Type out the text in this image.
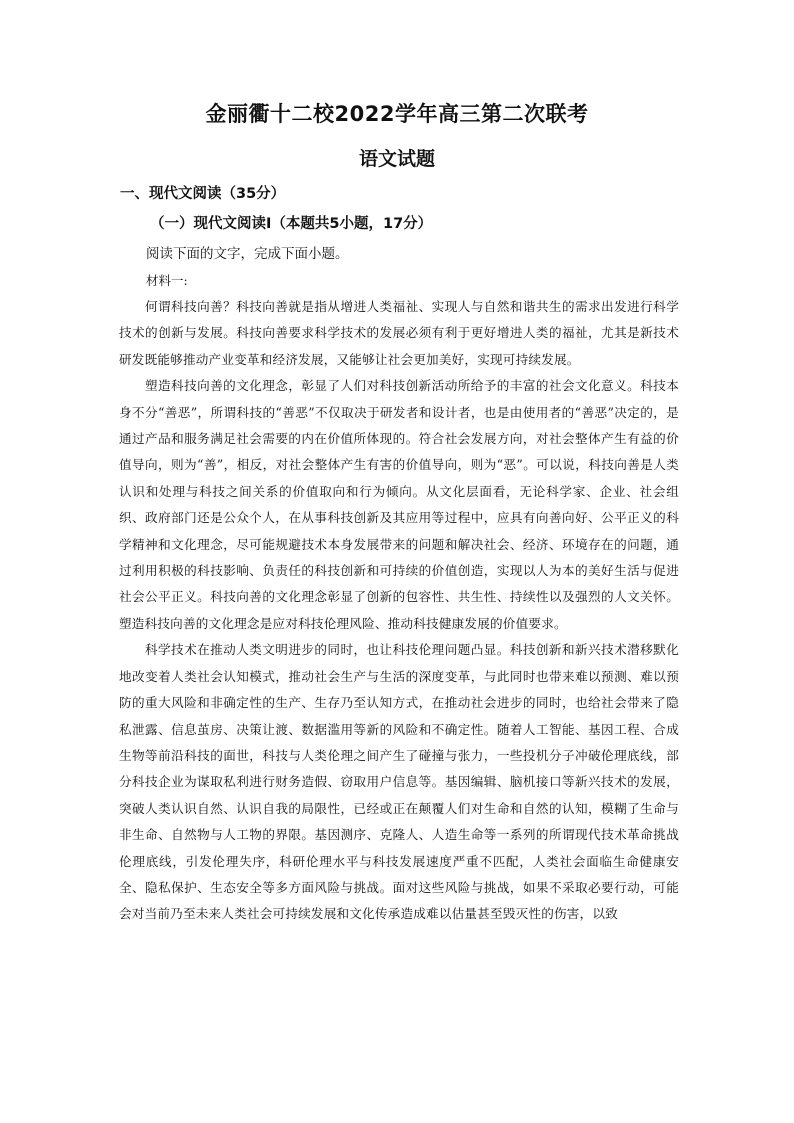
金丽衢十二校2022学年高三第二次联考
语文试题
一、现代文阅读（35分）
（一）现代文阅读Ⅰ（本题共5小题，17分）
阅读下面的文字，完成下面小题。
材料一:

何谓科技向善？科技向善就是指从增进人类福祉、实现人与自然和谐共生的需求出发进行科学技术的创新与发展。科技向善要求科学技术的发展必须有利于更好增进人类的福祉，尤其是新技术研发既能够推动产业变革和经济发展，又能够让社会更加美好，实现可持续发展。

塑造科技向善的文化理念，彰显了人们对科技创新活动所给予的丰富的社会文化意义。科技本身不分“善恶”，所谓科技的“善恶”不仅取决于研发者和设计者，也是由使用者的“善恶”决定的，是通过产品和服务满足社会需要的内在价值所体现的。符合社会发展方向，对社会整体产生有益的价值导向，则为“善”，相反，对社会整体产生有害的价值导向，则为“恶”。可以说，科技向善是人类认识和处理与科技之间关系的价值取向和行为倾向。从文化层面看，无论科学家、企业、社会组织、政府部门还是公众个人，在从事科技创新及其应用等过程中，应具有向善向好、公平正义的科学精神和文化理念，尽可能规避技术本身发展带来的问题和解决社会、经济、环境存在的问题，通过利用积极的科技影响、负责任的科技创新和可持续的价值创造，实现以人为本的美好生活与促进社会公平正义。科技向善的文化理念彰显了创新的包容性、共生性、持续性以及强烈的人文关怀。塑造科技向善的文化理念是应对科技伦理风险、推动科技健康发展的价值要求。

科学技术在推动人类文明进步的同时，也让科技伦理问题凸显。科技创新和新兴技术潜移默化地改变着人类社会认知模式，推动社会生产与生活的深度变革，与此同时也带来难以预测、难以预防的重大风险和非确定性的生产、生存乃至认知方式，在推动社会进步的同时，也给社会带来了隐私泄露、信息茧房、决策让渡、数据滥用等新的风险和不确定性。随着人工智能、基因工程、合成生物等前沿科技的面世，科技与人类伦理之间产生了碰撞与张力，一些投机分子冲破伦理底线，部分科技企业为谋取私利进行财务造假、窃取用户信息等。基因编辑、脑机接口等新兴技术的发展，突破人类认识自然、认识自我的局限性，已经或正在颠覆人们对生命和自然的认知，模糊了生命与非生命、自然物与人工物的界限。基因测序、克隆人、人造生命等一系列的所谓现代技术革命挑战伦理底线，引发伦理失序，科研伦理水平与科技发展速度严重不匹配，人类社会面临生命健康安全、隐私保护、生态安全等多方面风险与挑战。面对这些风险与挑战，如果不采取必要行动，可能会对当前乃至未来人类社会可持续发展和文化传承造成难以估量甚至毁灭性的伤害，以致
